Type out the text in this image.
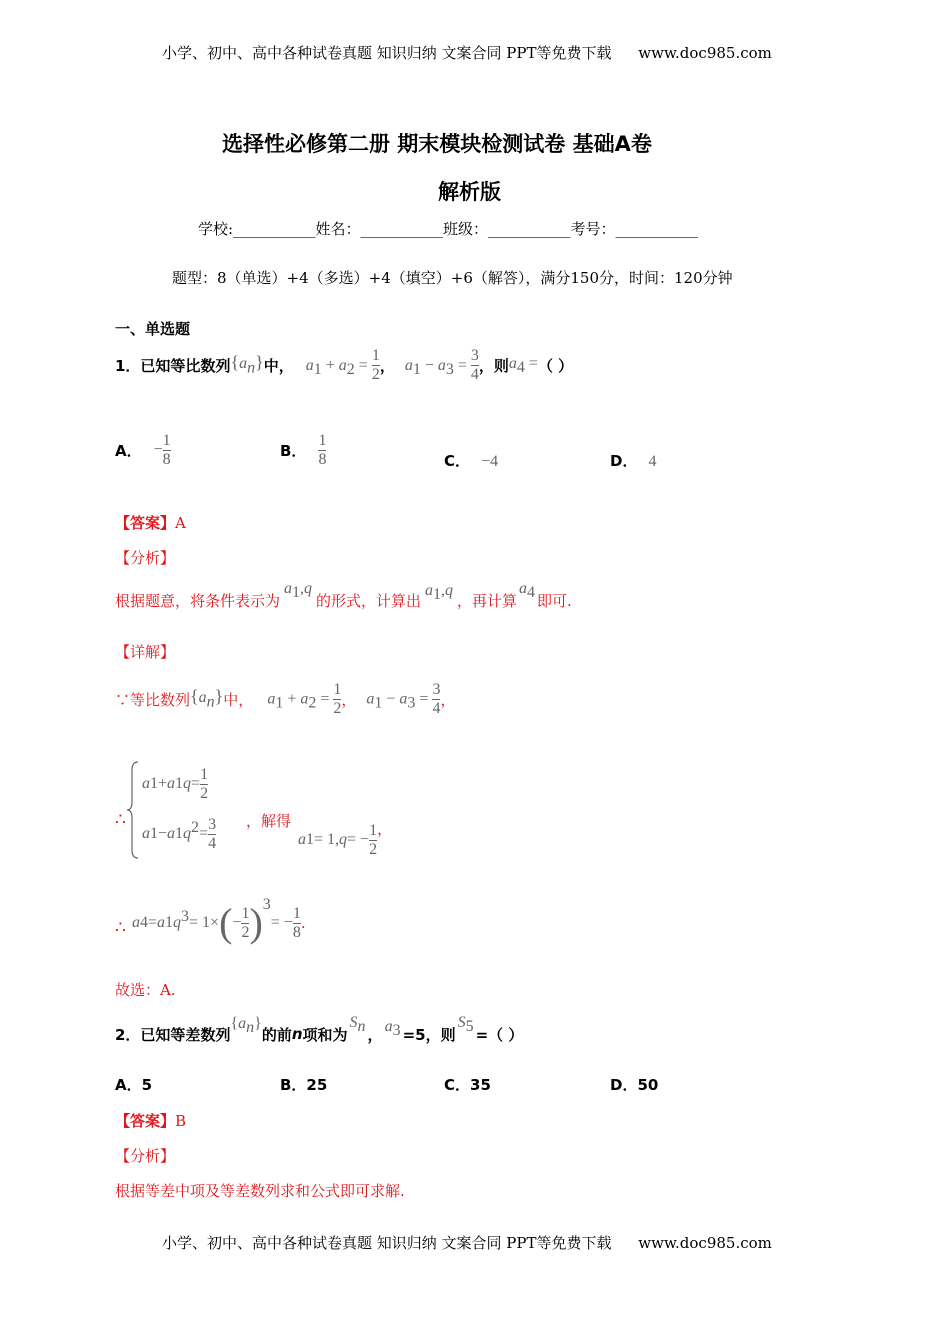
小学、初中、高中各种试卷真题 知识归纳 文案合同 PPT等免费下载 www.doc985.com
选择性必修第二册 期末模块检测试卷 基础A卷
解析版
学校:___________姓名：___________班级：___________考号：___________
题型：8（单选）+4（多选）+4（填空）+6（解答），满分150分，时间：120分钟
一、单选题
1．已知等比数列 $\{a_n\}$ 中， $a_1 + a_2 = \frac{1}{2}$ ， $a_1 - a_3 = \frac{3}{4}$ ，则 $a_4$ = （ ）
A． − $\frac{1}{8}$	B． $\frac{1}{8}$	C． −4	D． 4
【答案】A
【分析】
根据题意，将条件表示为
$a_1,q$
的形式，计算出
$a_1,q$
，再计算
$a_4$ 即可.
【详解】
∵等比数列 $\{a_n\}$ 中， $a_1 + a_2 = \frac{1}{2}$ ， $a_1 - a_3 = \frac{3}{4}$ ，
∴
a 1 + a 1 $q = \frac{1}{2}$
a 1 − a 1 $q^2 = \frac{3}{4}$ ，解得
a 1 = 1, q = − $\frac{1}{2}$ ，
∴ a 4 = a 1 $q^3 = 1\times$ ( − $\frac{1}{2} )^3$
= − $\frac{1}{8}$ .
故选：A.
2．已知等差数列
$\{a_n\}$
的前 n 项和为
$S_n$ ， $a_3 =5$，则
$S_5$ =（ ）
A．5	B．25	C．35	D．50
【答案】B
【分析】
根据等差中项及等差数列求和公式即可求解.
小学、初中、高中各种试卷真题 知识归纳 文案合同 PPT等免费下载 www.doc985.com
